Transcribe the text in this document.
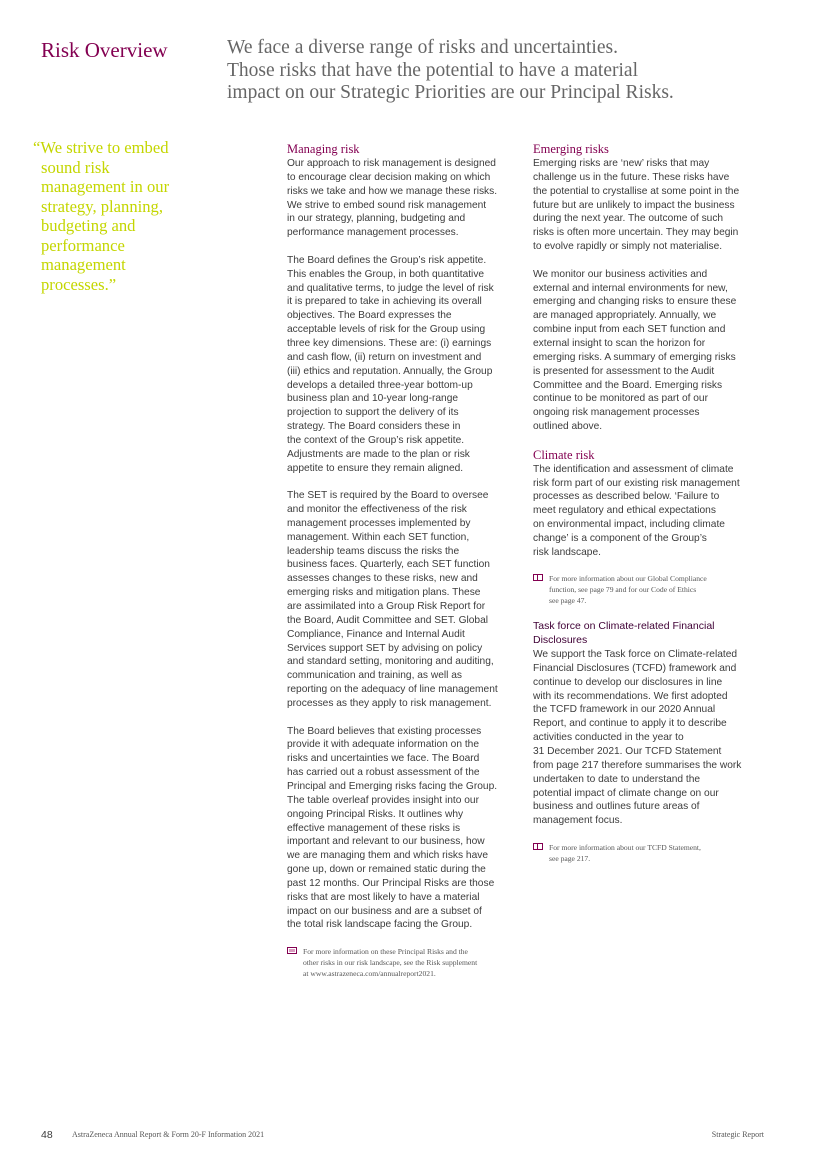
Risk Overview	We face a diverse range of risks and uncertainties.
Those risks that have the potential to have a material
impact on our Strategic Priorities are our Principal Risks.
“We strive to embed
sound risk
management in our
strategy, planning,
budgeting and
performance
management
processes.”
Managing risk

Our approach to risk management is designed
to encourage clear decision making on which
risks we take and how we manage these risks.
We strive to embed sound risk management
in our strategy, planning, budgeting and
performance management processes.

The Board defines the Group’s risk appetite.
This enables the Group, in both quantitative
and qualitative terms, to judge the level of risk
it is prepared to take in achieving its overall
objectives. The Board expresses the
acceptable levels of risk for the Group using
three key dimensions. These are: (i) earnings
and cash flow, (ii) return on investment and
(iii) ethics and reputation. Annually, the Group
develops a detailed three-year bottom-up
business plan and 10-year long-range
projection to support the delivery of its
strategy. The Board considers these in
the context of the Group’s risk appetite.
Adjustments are made to the plan or risk
appetite to ensure they remain aligned.

The SET is required by the Board to oversee
and monitor the effectiveness of the risk
management processes implemented by
management. Within each SET function,
leadership teams discuss the risks the
business faces. Quarterly, each SET function
assesses changes to these risks, new and
emerging risks and mitigation plans. These
are assimilated into a Group Risk Report for
the Board, Audit Committee and SET. Global
Compliance, Finance and Internal Audit
Services support SET by advising on policy
and standard setting, monitoring and auditing,
communication and training, as well as
reporting on the adequacy of line management
processes as they apply to risk management.

The Board believes that existing processes
provide it with adequate information on the
risks and uncertainties we face. The Board
has carried out a robust assessment of the
Principal and Emerging risks facing the Group.
The table overleaf provides insight into our
ongoing Principal Risks. It outlines why
effective management of these risks is
important and relevant to our business, how
we are managing them and which risks have
gone up, down or remained static during the
past 12 months. Our Principal Risks are those
risks that are most likely to have a material
impact on our business and are a subset of
the total risk landscape facing the Group.

For more information on these Principal Risks and the
other risks in our risk landscape, see the Risk supplement
at www.astrazeneca.com/annualreport2021.
Emerging risks

Emerging risks are ‘new’ risks that may
challenge us in the future. These risks have
the potential to crystallise at some point in the
future but are unlikely to impact the business
during the next year. The outcome of such
risks is often more uncertain. They may begin
to evolve rapidly or simply not materialise.

We monitor our business activities and
external and internal environments for new,
emerging and changing risks to ensure these
are managed appropriately. Annually, we
combine input from each SET function and
external insight to scan the horizon for
emerging risks. A summary of emerging risks
is presented for assessment to the Audit
Committee and the Board. Emerging risks
continue to be monitored as part of our
ongoing risk management processes
outlined above.

Climate risk

The identification and assessment of climate
risk form part of our existing risk management
processes as described below. ‘Failure to
meet regulatory and ethical expectations
on environmental impact, including climate
change’ is a component of the Group’s
risk landscape.

For more information about our Global Compliance
function, see page 79 and for our Code of Ethics
see page 47.
Task force on Climate-related Financial
Disclosures

We support the Task force on Climate-related
Financial Disclosures (TCFD) framework and
continue to develop our disclosures in line
with its recommendations. We first adopted
the TCFD framework in our 2020 Annual
Report, and continue to apply it to describe
activities conducted in the year to
31 December 2021. Our TCFD Statement
from page 217 therefore summarises the work
undertaken to date to understand the
potential impact of climate change on our
business and outlines future areas of
management focus.

For more information about our TCFD Statement,
see page 217.
48 AstraZeneca Annual Report & Form 20-F Information 2021	Strategic Report
